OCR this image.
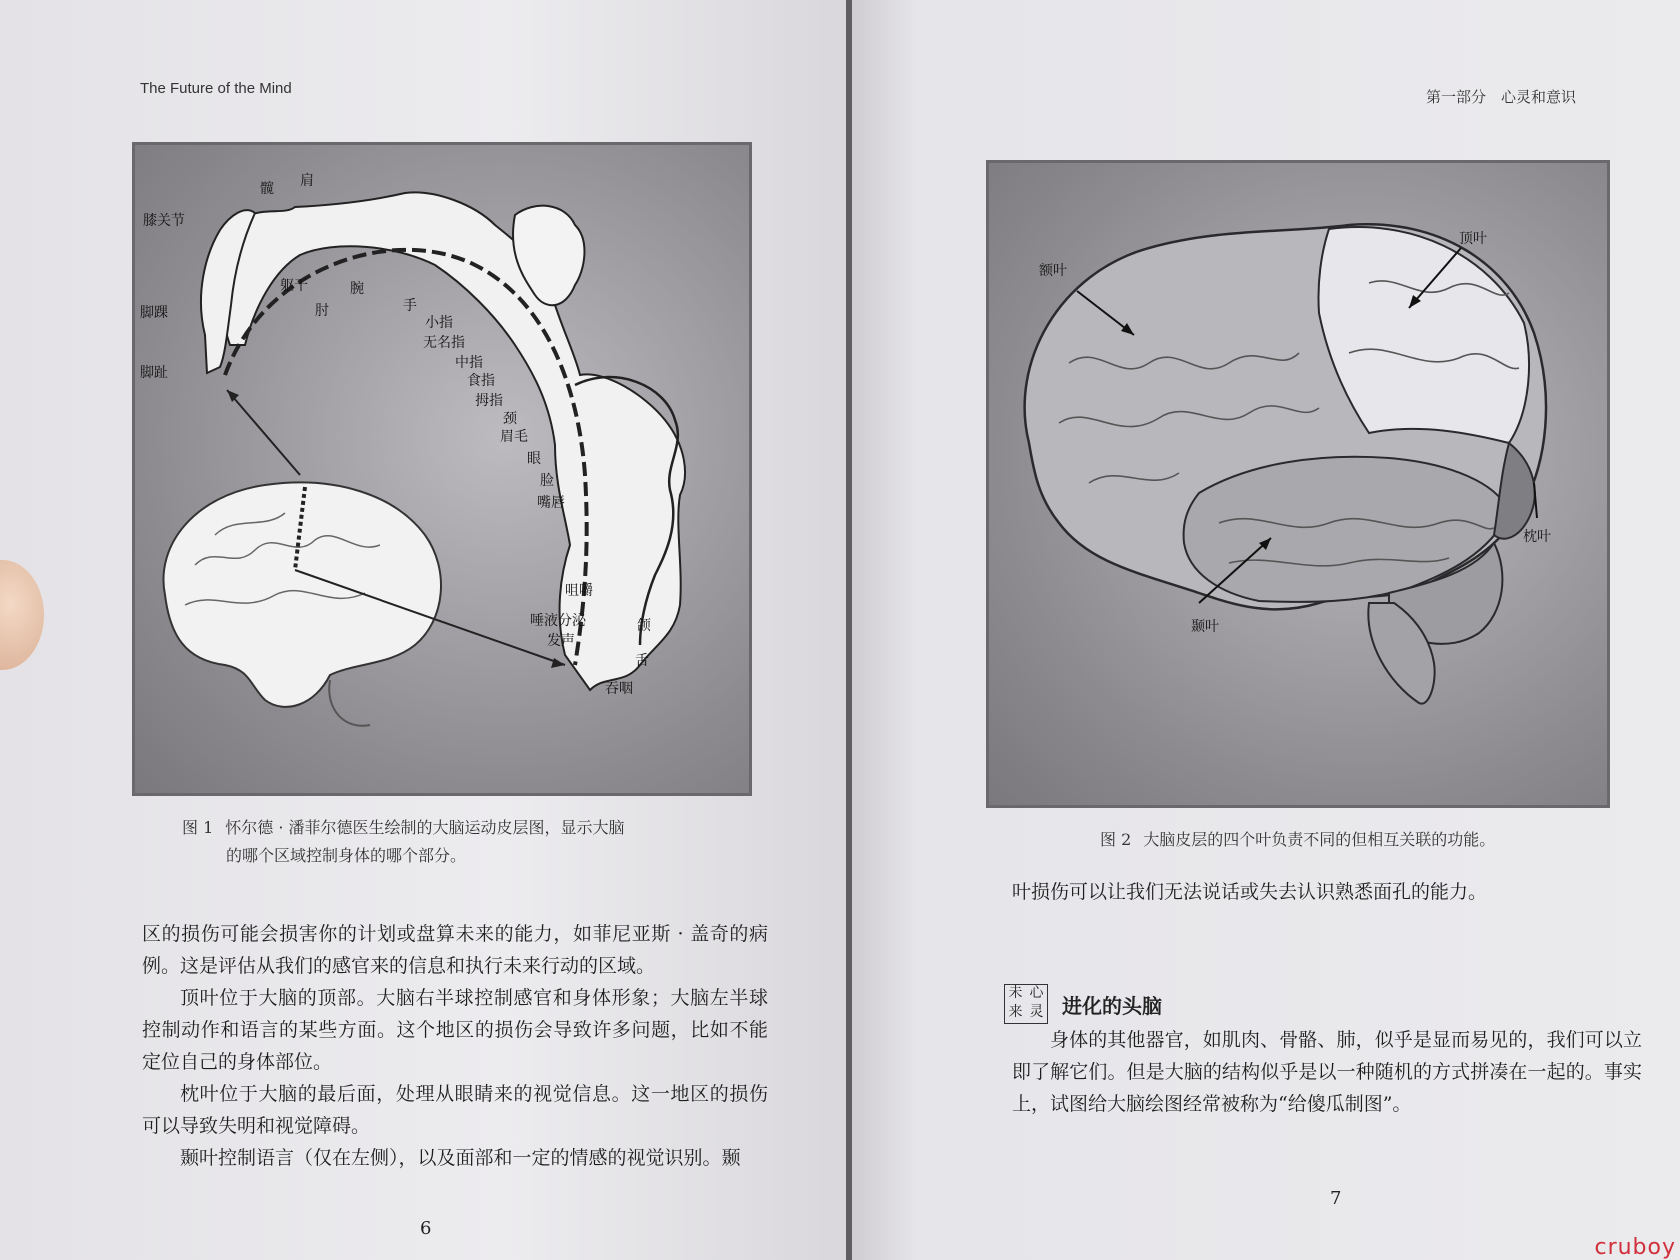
The Future of the Mind
髋 肩
膝关节
躯干
肘
腕
手
脚踝
脚趾
小指
无名指
中指
食指
拇指
颈
眉毛
眼
脸
嘴唇
咀嚼
唾液分泌
发声
颌
舌
吞咽
图 1 怀尔德 · 潘菲尔德医生绘制的大脑运动皮层图，显示大脑
的哪个区域控制身体的哪个部分。

区的损伤可能会损害你的计划或盘算未来的能力，如菲尼亚斯 · 盖奇的病例。这是评估从我们的感官来的信息和执行未来行动的区域。

顶叶位于大脑的顶部。大脑右半球控制感官和身体形象；大脑左半球控制动作和语言的某些方面。这个地区的损伤会导致许多问题，比如不能定位自己的身体部位。

枕叶位于大脑的最后面，处理从眼睛来的视觉信息。这一地区的损伤可以导致失明和视觉障碍。

颞叶控制语言（仅在左侧），以及面部和一定的情感的视觉识别。颞

6
第一部分　心灵和意识
额叶
顶叶
枕叶
颞叶
图 2 大脑皮层的四个叶负责不同的但相互关联的功能。
叶损伤可以让我们无法说话或失去认识熟悉面孔的能力。
未 心
来 灵 进化的头脑

身体的其他器官，如肌肉、骨骼、肺，似乎是显而易见的，我们可以立即了解它们。但是大脑的结构似乎是以一种随机的方式拼凑在一起的。事实上，试图给大脑绘图经常被称为“给傻瓜制图”。

7
cruboy
